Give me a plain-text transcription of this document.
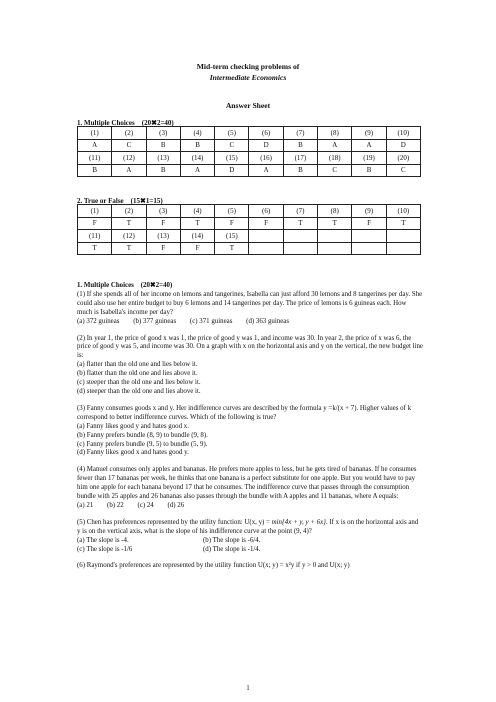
Mid-term checking problems of
Intermediate Economics
Answer Sheet
1. Multiple Choices　(20✖2=40)
(1)	(2)	(3)	(4)	(5)	(6)	(7)	(8)	(9)	(10)
A	C	B	B	C	D	B	A	A	D
(11)	(12)	(13)	(14)	(15)	(16)	(17)	(18)	(19)	(20)
B	A	B	A	D	A	B	C	B	C
2. True or False　(15✖1=15)
(1)	(2)	(3)	(4)	(5)	(6)	(7)	(8)	(9)	(10)
F	T	F	T	F	F	T	T	F	T
(11)	(12)	(13)	(14)	(15)					
T	T	F	F	T					

1. Multiple Choices　(20✖2=40)

(1) If she spends all of her income on lemons and tangerines, Isabella can just afford 30 lemons and 8 tangerines per day. She could also use her entire budget to buy 6 lemons and 14 tangerines per day. The price of lemons is 6 guineas each. How much is Isabella's income per day?

(a) 372 guineas　　(b) 377 guineas　　(c) 371 guineas　　(d) 363 guineas

(2) In year 1, the price of good x was 1, the price of good y was 1, and income was 30. In year 2, the price of x was 6, the price of good y was 5, and income was 30. On a graph with x on the horizontal axis and y on the vertical, the new budget line is:

(a) flatter than the old one and lies below it.

(b) flatter than the old one and lies above it.

(c) steeper than the old one and lies below it.

(d) steeper than the old one and lies above it.

(3) Fanny consumes goods x and y. Her indifference curves are described by the formula y =k/(x + 7). Higher values of k correspond to better indifference curves. Which of the following is true?

(a) Fanny likes good y and hates good x.

(b) Fanny prefers bundle (8, 9) to bundle (9, 8).

(c) Fanny prefers bundle (9, 5) to bundle (5, 9).

(d) Fanny likes good x and hates good y.

(4) Manuel consumes only apples and bananas. He prefers more apples to less, but he gets tired of bananas. If he consumes fewer than 17 bananas per week, he thinks that one banana is a perfect substitute for one apple. But you would have to pay him one apple for each banana beyond 17 that he consumes. The indifference curve that passes through the consumption bundle with 25 apples and 26 bananas also passes through the bundle with A apples and 11 bananas, where A equals:

(a) 21　　(b) 22　　(c) 24　　(d) 26

(5) Chen has preferences represented by the utility function: U(x, y) = min{4x + y, y + 6x}. If x is on the horizontal axis and y is on the vertical axis, what is the slope of his indifference curve at the point (9, 4)?

(a) The slope is -4.	(b) The slope is -6/4.

(c) The slope is -1/6	(d) The slope is -1/4.

(6) Raymond's preferences are represented by the utility function U(x; y) = x²y if y > 0 and U(x; y)

1
